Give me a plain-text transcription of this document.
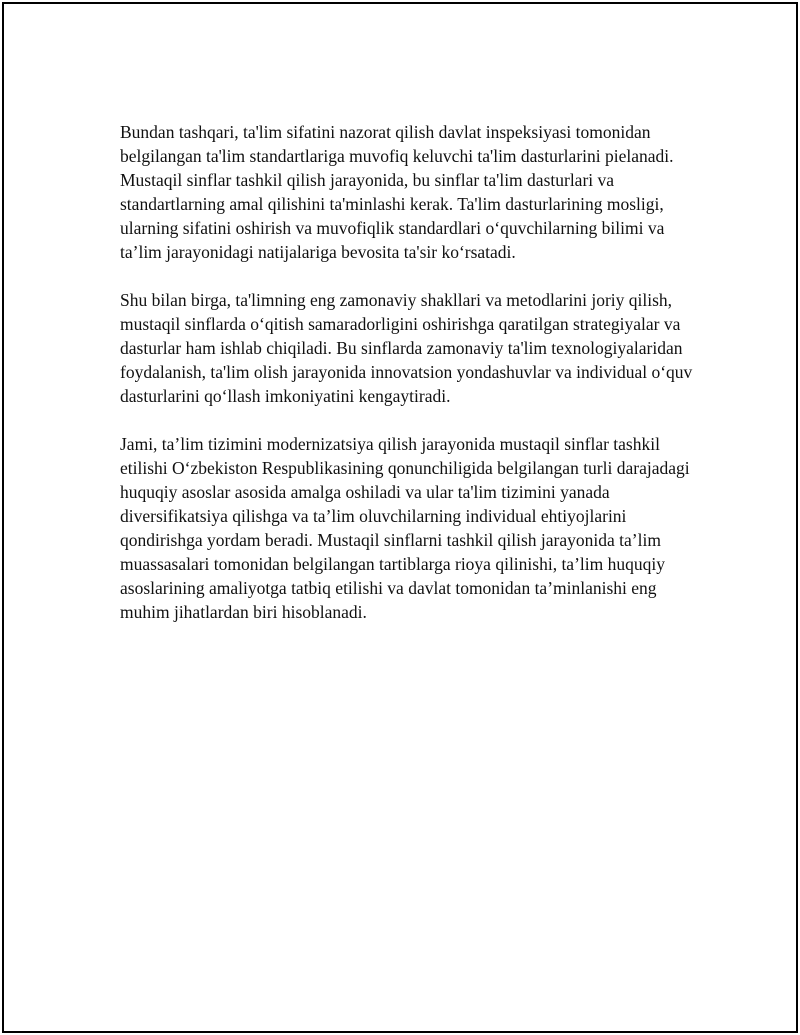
Bundan tashqari, ta'lim sifatini nazorat qilish davlat inspeksiyasi tomonidan belgilangan ta'lim standartlariga muvofiq keluvchi ta'lim dasturlarini pielanadi. Mustaqil sinflar tashkil qilish jarayonida, bu sinflar ta'lim dasturlari va standartlarning amal qilishini ta'minlashi kerak. Ta'lim dasturlarining mosligi, ularning sifatini oshirish va muvofiqlik standardlari o‘quvchilarning bilimi va ta’lim jarayonidagi natijalariga bevosita ta'sir ko‘rsatadi.

Shu bilan birga, ta'limning eng zamonaviy shakllari va metodlarini joriy qilish, mustaqil sinflarda o‘qitish samaradorligini oshirishga qaratilgan strategiyalar va dasturlar ham ishlab chiqiladi. Bu sinflarda zamonaviy ta'lim texnologiyalaridan foydalanish, ta'lim olish jarayonida innovatsion yondashuvlar va individual o‘quv dasturlarini qo‘llash imkoniyatini kengaytiradi.

Jami, ta’lim tizimini modernizatsiya qilish jarayonida mustaqil sinflar tashkil etilishi O‘zbekiston Respublikasining qonunchiligida belgilangan turli darajadagi huquqiy asoslar asosida amalga oshiladi va ular ta'lim tizimini yanada diversifikatsiya qilishga va ta’lim oluvchilarning individual ehtiyojlarini qondirishga yordam beradi. Mustaqil sinflarni tashkil qilish jarayonida ta’lim muassasalari tomonidan belgilangan tartiblarga rioya qilinishi, ta’lim huquqiy asoslarining amaliyotga tatbiq etilishi va davlat tomonidan ta’minlanishi eng muhim jihatlardan biri hisoblanadi.
